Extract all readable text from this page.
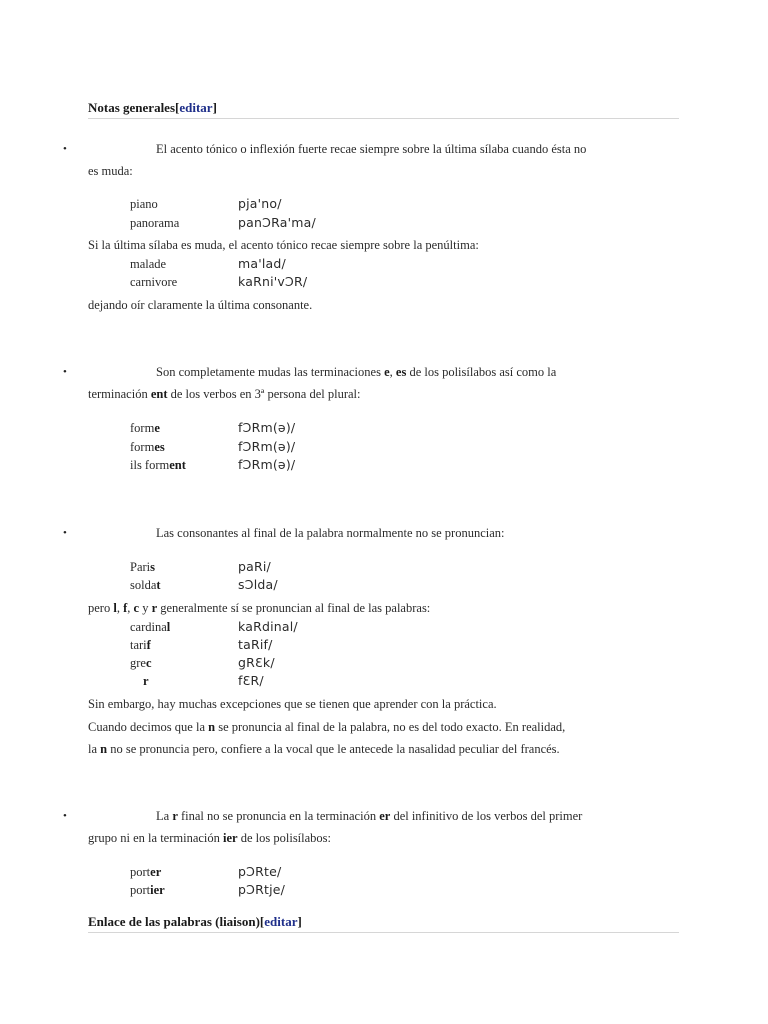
Notas generales[editar]
•	El acento tónico o inflexión fuerte recae siempre sobre la última sílaba cuando ésta no
es muda:
piano	pja'no/
panorama	panƆRa'ma/
Si la última sílaba es muda, el acento tónico recae siempre sobre la penúltima:
malade	ma'lad/
carnivore	kaRni'vƆR/
dejando oír claramente la última consonante.
•	Son completamente mudas las terminaciones e, es de los polisílabos así como la
terminación ent de los verbos en 3ª persona del plural:
forme	fƆRm(ə)/
formes	fƆRm(ə)/
ils forment	fƆRm(ə)/
•	Las consonantes al final de la palabra normalmente no se pronuncian:
Paris	paRi/
soldat	sƆlda/
pero l, f, c y r generalmente sí se pronuncian al final de las palabras:
cardinal	kaRdinal/
tarif	taRif/
grec	gRƐk/
r	fƐR/
Sin embargo, hay muchas excepciones que se tienen que aprender con la práctica.
Cuando decimos que la n se pronuncia al final de la palabra, no es del todo exacto. En realidad,
la n no se pronuncia pero, confiere a la vocal que le antecede la nasalidad peculiar del francés.
•	La r final no se pronuncia en la terminación er del infinitivo de los verbos del primer
grupo ni en la terminación ier de los polisílabos:
porter	pƆRte/
portier	pƆRtje/
Enlace de las palabras (liaison)[editar]
